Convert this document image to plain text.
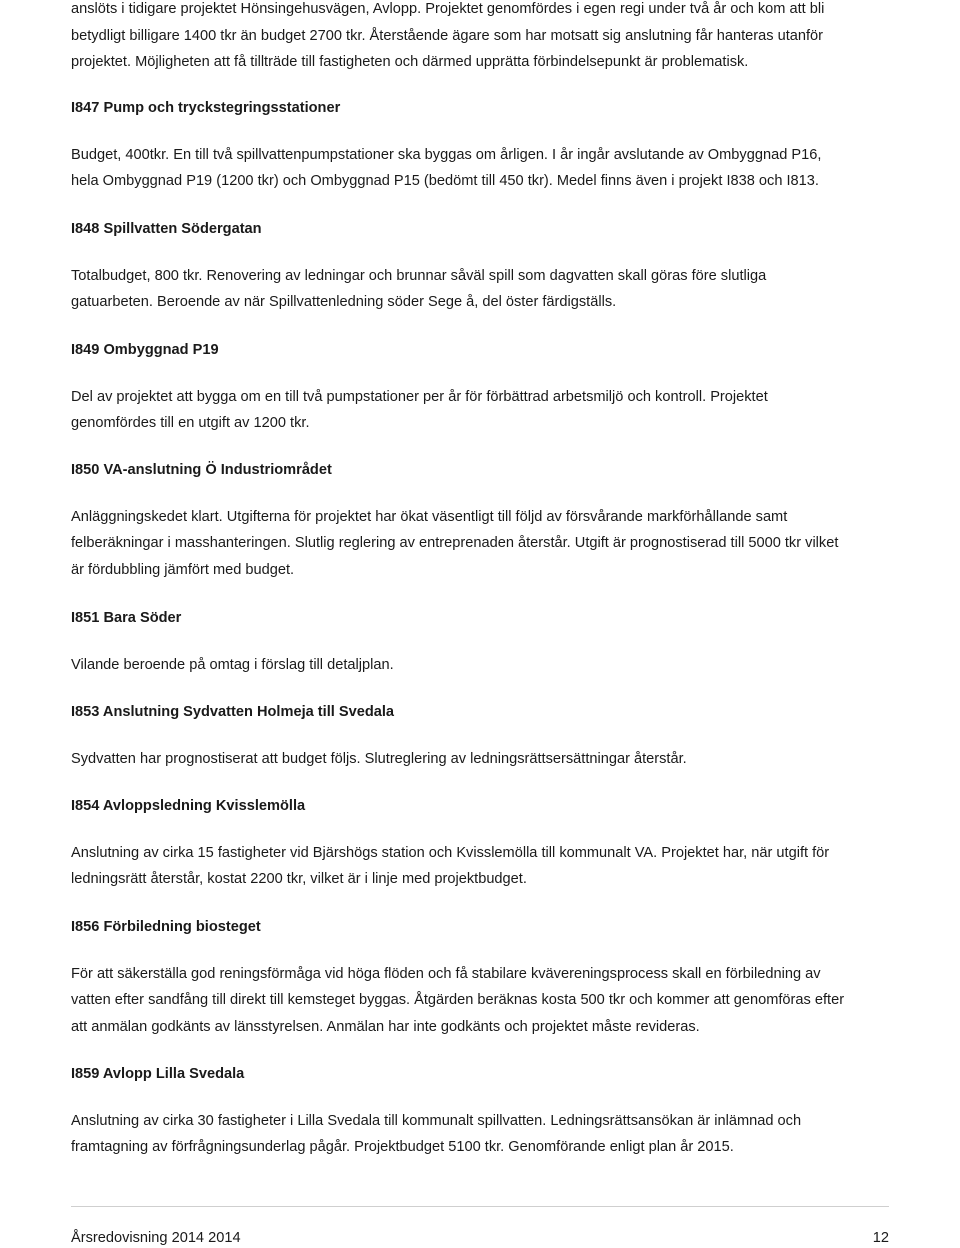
anslöts i tidigare projektet Hönsingehusvägen, Avlopp. Projektet genomfördes i egen regi under två år och kom att bli

betydligt billigare 1400 tkr än budget 2700 tkr. Återstående ägare som har motsatt sig anslutning får hanteras utanför

projektet. Möjligheten att få tillträde till fastigheten och därmed upprätta förbindelsepunkt är problematisk.

I847 Pump och tryckstegringsstationer

Budget, 400tkr. En till två spillvattenpumpstationer ska byggas om årligen. I år ingår avslutande av Ombyggnad P16,

hela Ombyggnad P19 (1200 tkr) och Ombyggnad P15 (bedömt till 450 tkr). Medel finns även i projekt I838 och I813.

I848 Spillvatten Södergatan

Totalbudget, 800 tkr. Renovering av ledningar och brunnar såväl spill som dagvatten skall göras före slutliga

gatuarbeten. Beroende av när Spillvattenledning söder Sege å, del öster färdigställs.

I849 Ombyggnad P19

Del av projektet att bygga om en till två pumpstationer per år för förbättrad arbetsmiljö och kontroll. Projektet

genomfördes till en utgift av 1200 tkr.

I850 VA-anslutning Ö Industriområdet

Anläggningskedet klart. Utgifterna för projektet har ökat väsentligt till följd av försvårande markförhållande samt

felberäkningar i masshanteringen. Slutlig reglering av entreprenaden återstår. Utgift är prognostiserad till 5000 tkr vilket

är fördubbling jämfört med budget.

I851 Bara Söder

Vilande beroende på omtag i förslag till detaljplan.

I853 Anslutning Sydvatten Holmeja till Svedala

Sydvatten har prognostiserat att budget följs. Slutreglering av ledningsrättsersättningar återstår.

I854 Avloppsledning Kvisslemölla

Anslutning av cirka 15 fastigheter vid Bjärshögs station och Kvisslemölla till kommunalt VA. Projektet har, när utgift för

ledningsrätt återstår, kostat 2200 tkr, vilket är i linje med projektbudget.

I856 Förbiledning biosteget

För att säkerställa god reningsförmåga vid höga flöden och få stabilare kvävereningsprocess skall en förbiledning av

vatten efter sandfång till direkt till kemsteget byggas. Åtgärden beräknas kosta 500 tkr och kommer att genomföras efter

att anmälan godkänts av länsstyrelsen. Anmälan har inte godkänts och projektet måste revideras.

I859 Avlopp Lilla Svedala

Anslutning av cirka 30 fastigheter i Lilla Svedala till kommunalt spillvatten. Ledningsrättsansökan är inlämnad och

framtagning av förfrågningsunderlag pågår. Projektbudget 5100 tkr. Genomförande enligt plan år 2015.

Årsredovisning 2014 2014	12
